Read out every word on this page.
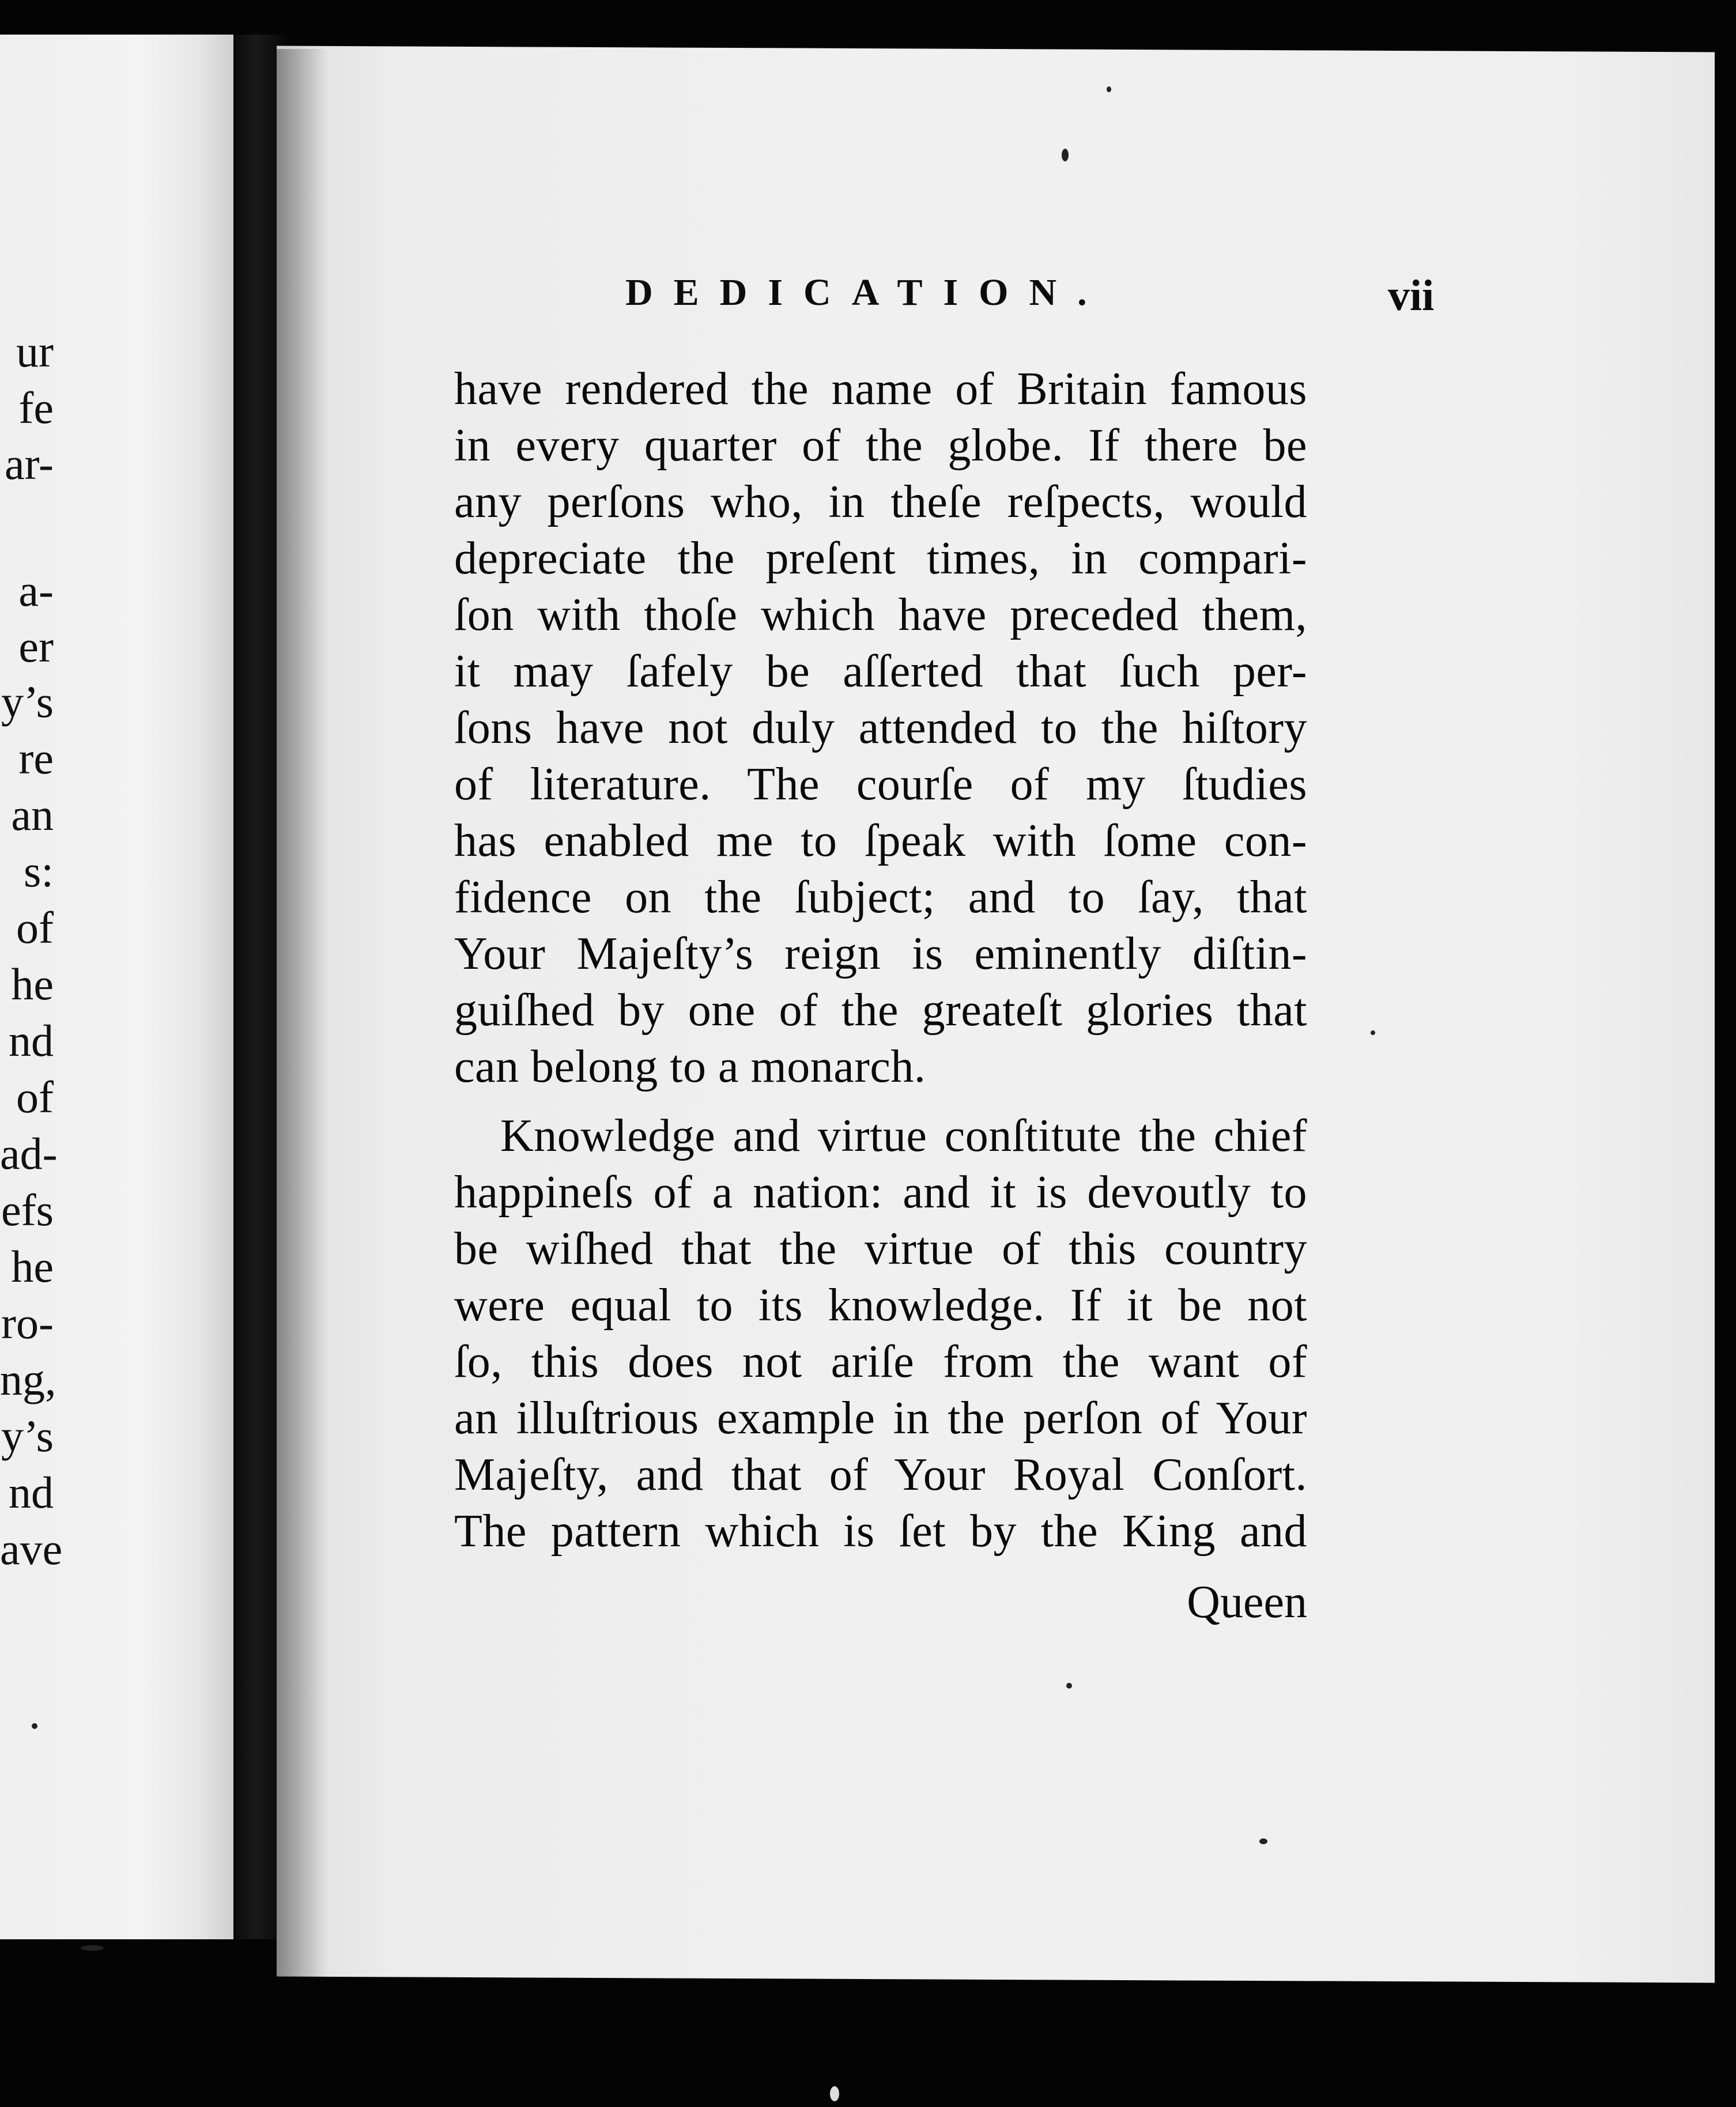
ur
fe
ar-
a-
er
y’s
re
an
s:
of
he
nd
of
ad-
efs
he
ro-
ng,
y’s
nd
ave
DEDICATION.	vii
have rendered the name of Britain famous
in every quarter of the globe. If there be
any perſons who, in theſe reſpects, would
depreciate the preſent times, in compari-
ſon with thoſe which have preceded them,
it may ſafely be aſſerted that ſuch per-
ſons have not duly attended to the hiſtory
of literature. The courſe of my ſtudies
has enabled me to ſpeak with ſome con-
fidence on the ſubject; and to ſay, that
Your Majeſty’s reign is eminently diſtin-
guiſhed by one of the greateſt glories that
can belong to a monarch.
Knowledge and virtue conſtitute the chief
happineſs of a nation: and it is devoutly to
be wiſhed that the virtue of this country
were equal to its knowledge. If it be not
ſo, this does not ariſe from the want of
an illuſtrious example in the perſon of Your
Majeſty, and that of Your Royal Conſort.
The pattern which is ſet by the King and
Queen
